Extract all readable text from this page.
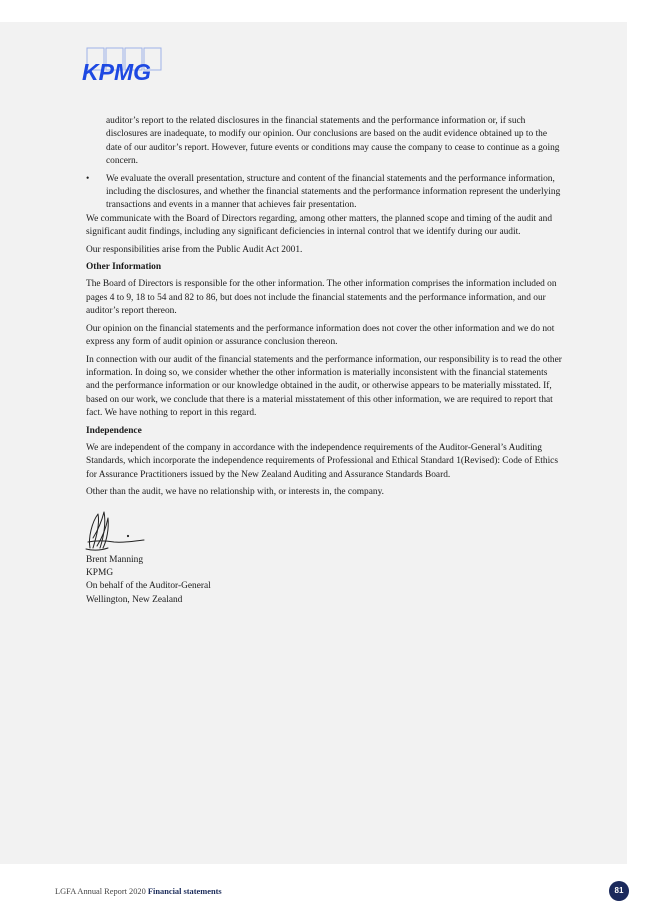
KPMG

auditor’s report to the related disclosures in the financial statements and the performance information or, if such disclosures are inadequate, to modify our opinion. Our conclusions are based on the audit evidence obtained up to the date of our auditor’s report. However, future events or conditions may cause the company to cease to continue as a going concern.

• We evaluate the overall presentation, structure and content of the financial statements and the performance information, including the disclosures, and whether the financial statements and the performance information represent the underlying transactions and events in a manner that achieves fair presentation.

We communicate with the Board of Directors regarding, among other matters, the planned scope and timing of the audit and significant audit findings, including any significant deficiencies in internal control that we identify during our audit.

Our responsibilities arise from the Public Audit Act 2001.

Other Information

The Board of Directors is responsible for the other information. The other information comprises the information included on pages 4 to 9, 18 to 54 and 82 to 86, but does not include the financial statements and the performance information, and our auditor’s report thereon.

Our opinion on the financial statements and the performance information does not cover the other information and we do not express any form of audit opinion or assurance conclusion thereon.

In connection with our audit of the financial statements and the performance information, our responsibility is to read the other information. In doing so, we consider whether the other information is materially inconsistent with the financial statements and the performance information or our knowledge obtained in the audit, or otherwise appears to be materially misstated. If, based on our work, we conclude that there is a material misstatement of this other information, we are required to report that fact. We have nothing to report in this regard.

Independence

We are independent of the company in accordance with the independence requirements of the Auditor-General’s Auditing Standards, which incorporate the independence requirements of Professional and Ethical Standard 1(Revised): Code of Ethics for Assurance Practitioners issued by the New Zealand Auditing and Assurance Standards Board.

Other than the audit, we have no relationship with, or interests in, the company.

Brent Manning

KPMG

On behalf of the Auditor-General

Wellington, New Zealand

LGFA Annual Report 2020 Financial statements	81
